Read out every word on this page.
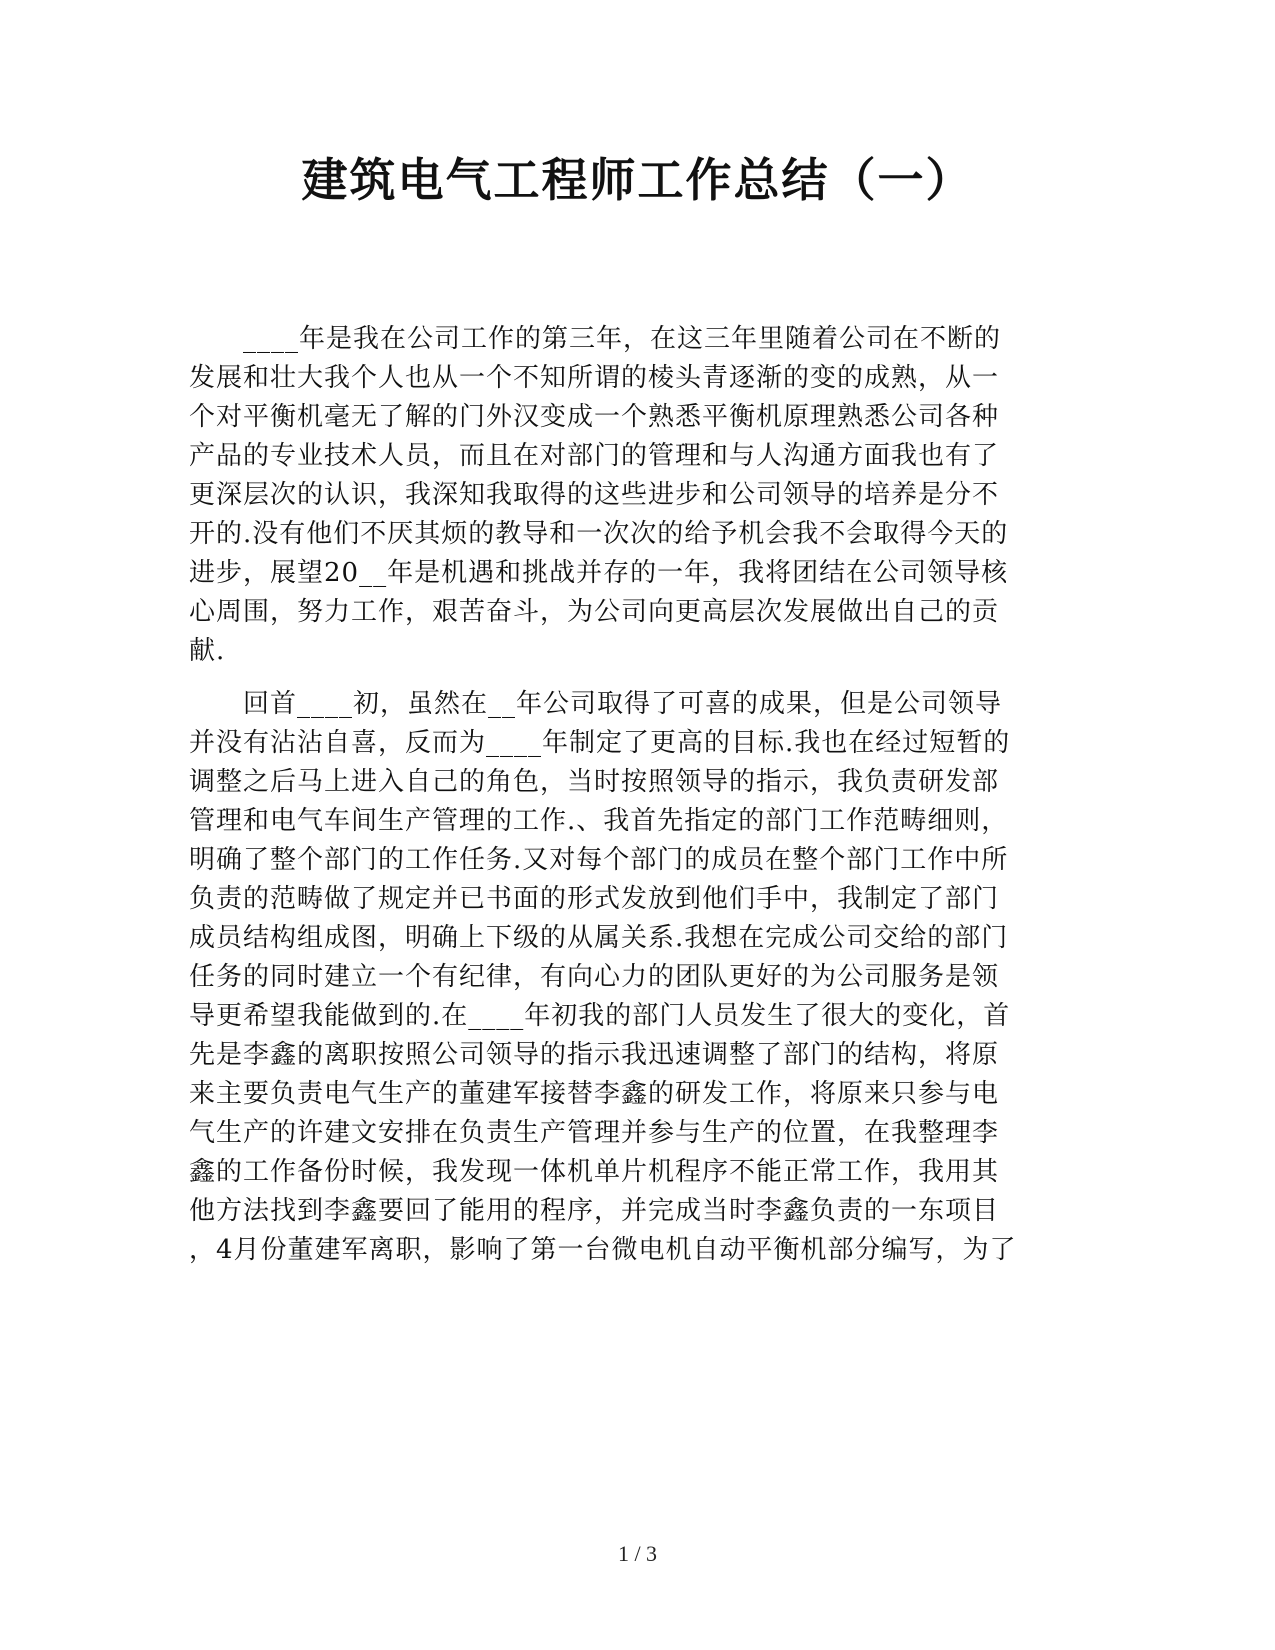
建筑电气工程师工作总结（一）

　　____年是我在公司工作的第三年，在这三年里随着公司在不断的
发展和壮大我个人也从一个不知所谓的棱头青逐渐的变的成熟，从一
个对平衡机毫无了解的门外汉变成一个熟悉平衡机原理熟悉公司各种
产品的专业技术人员，而且在对部门的管理和与人沟通方面我也有了
更深层次的认识，我深知我取得的这些进步和公司领导的培养是分不
开的.没有他们不厌其烦的教导和一次次的给予机会我不会取得今天的
进步，展望20__年是机遇和挑战并存的一年，我将团结在公司领导核
心周围，努力工作，艰苦奋斗，为公司向更高层次发展做出自己的贡
献.

　　回首____初，虽然在__年公司取得了可喜的成果，但是公司领导
并没有沾沾自喜，反而为____年制定了更高的目标.我也在经过短暂的
调整之后马上进入自己的角色，当时按照领导的指示，我负责研发部
管理和电气车间生产管理的工作.、我首先指定的部门工作范畴细则，
明确了整个部门的工作任务.又对每个部门的成员在整个部门工作中所
负责的范畴做了规定并已书面的形式发放到他们手中，我制定了部门
成员结构组成图，明确上下级的从属关系.我想在完成公司交给的部门
任务的同时建立一个有纪律，有向心力的团队更好的为公司服务是领
导更希望我能做到的.在____年初我的部门人员发生了很大的变化，首
先是李鑫的离职按照公司领导的指示我迅速调整了部门的结构，将原
来主要负责电气生产的董建军接替李鑫的研发工作，将原来只参与电
气生产的许建文安排在负责生产管理并参与生产的位置，在我整理李
鑫的工作备份时候，我发现一体机单片机程序不能正常工作，我用其
他方法找到李鑫要回了能用的程序，并完成当时李鑫负责的一东项目
，4月份董建军离职，影响了第一台微电机自动平衡机部分编写，为了

1 / 3
